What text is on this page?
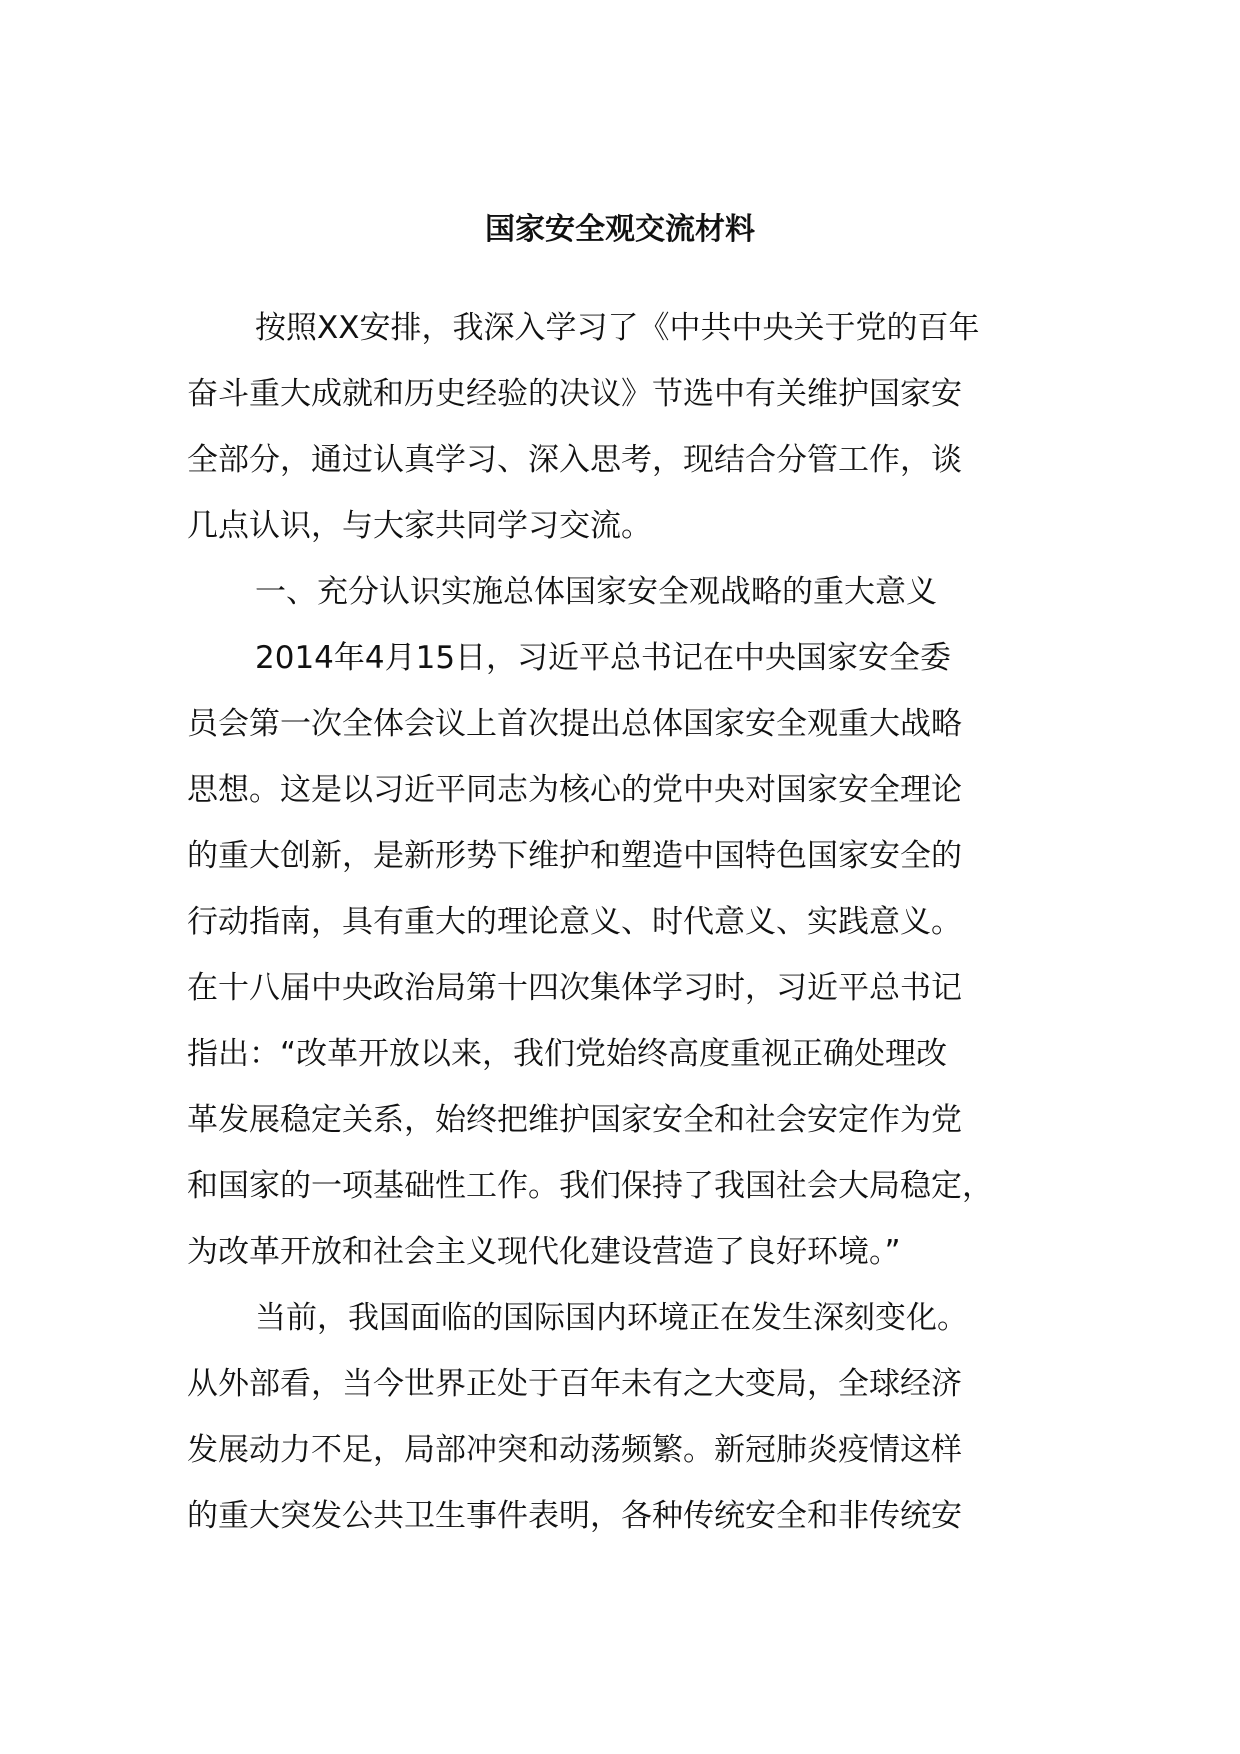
国家安全观交流材料
按照XX安排，我深入学习了《中共中央关于党的百年
奋斗重大成就和历史经验的决议》节选中有关维护国家安
全部分，通过认真学习、深入思考，现结合分管工作，谈
几点认识，与大家共同学习交流。
一、充分认识实施总体国家安全观战略的重大意义
2014年4月15日，习近平总书记在中央国家安全委
员会第一次全体会议上首次提出总体国家安全观重大战略
思想。这是以习近平同志为核心的党中央对国家安全理论
的重大创新，是新形势下维护和塑造中国特色国家安全的
行动指南，具有重大的理论意义、时代意义、实践意义。
在十八届中央政治局第十四次集体学习时，习近平总书记
指出：“改革开放以来，我们党始终高度重视正确处理改
革发展稳定关系，始终把维护国家安全和社会安定作为党
和国家的一项基础性工作。我们保持了我国社会大局稳定，
为改革开放和社会主义现代化建设营造了良好环境。”
当前，我国面临的国际国内环境正在发生深刻变化。
从外部看，当今世界正处于百年未有之大变局，全球经济
发展动力不足，局部冲突和动荡频繁。新冠肺炎疫情这样
的重大突发公共卫生事件表明，各种传统安全和非传统安
